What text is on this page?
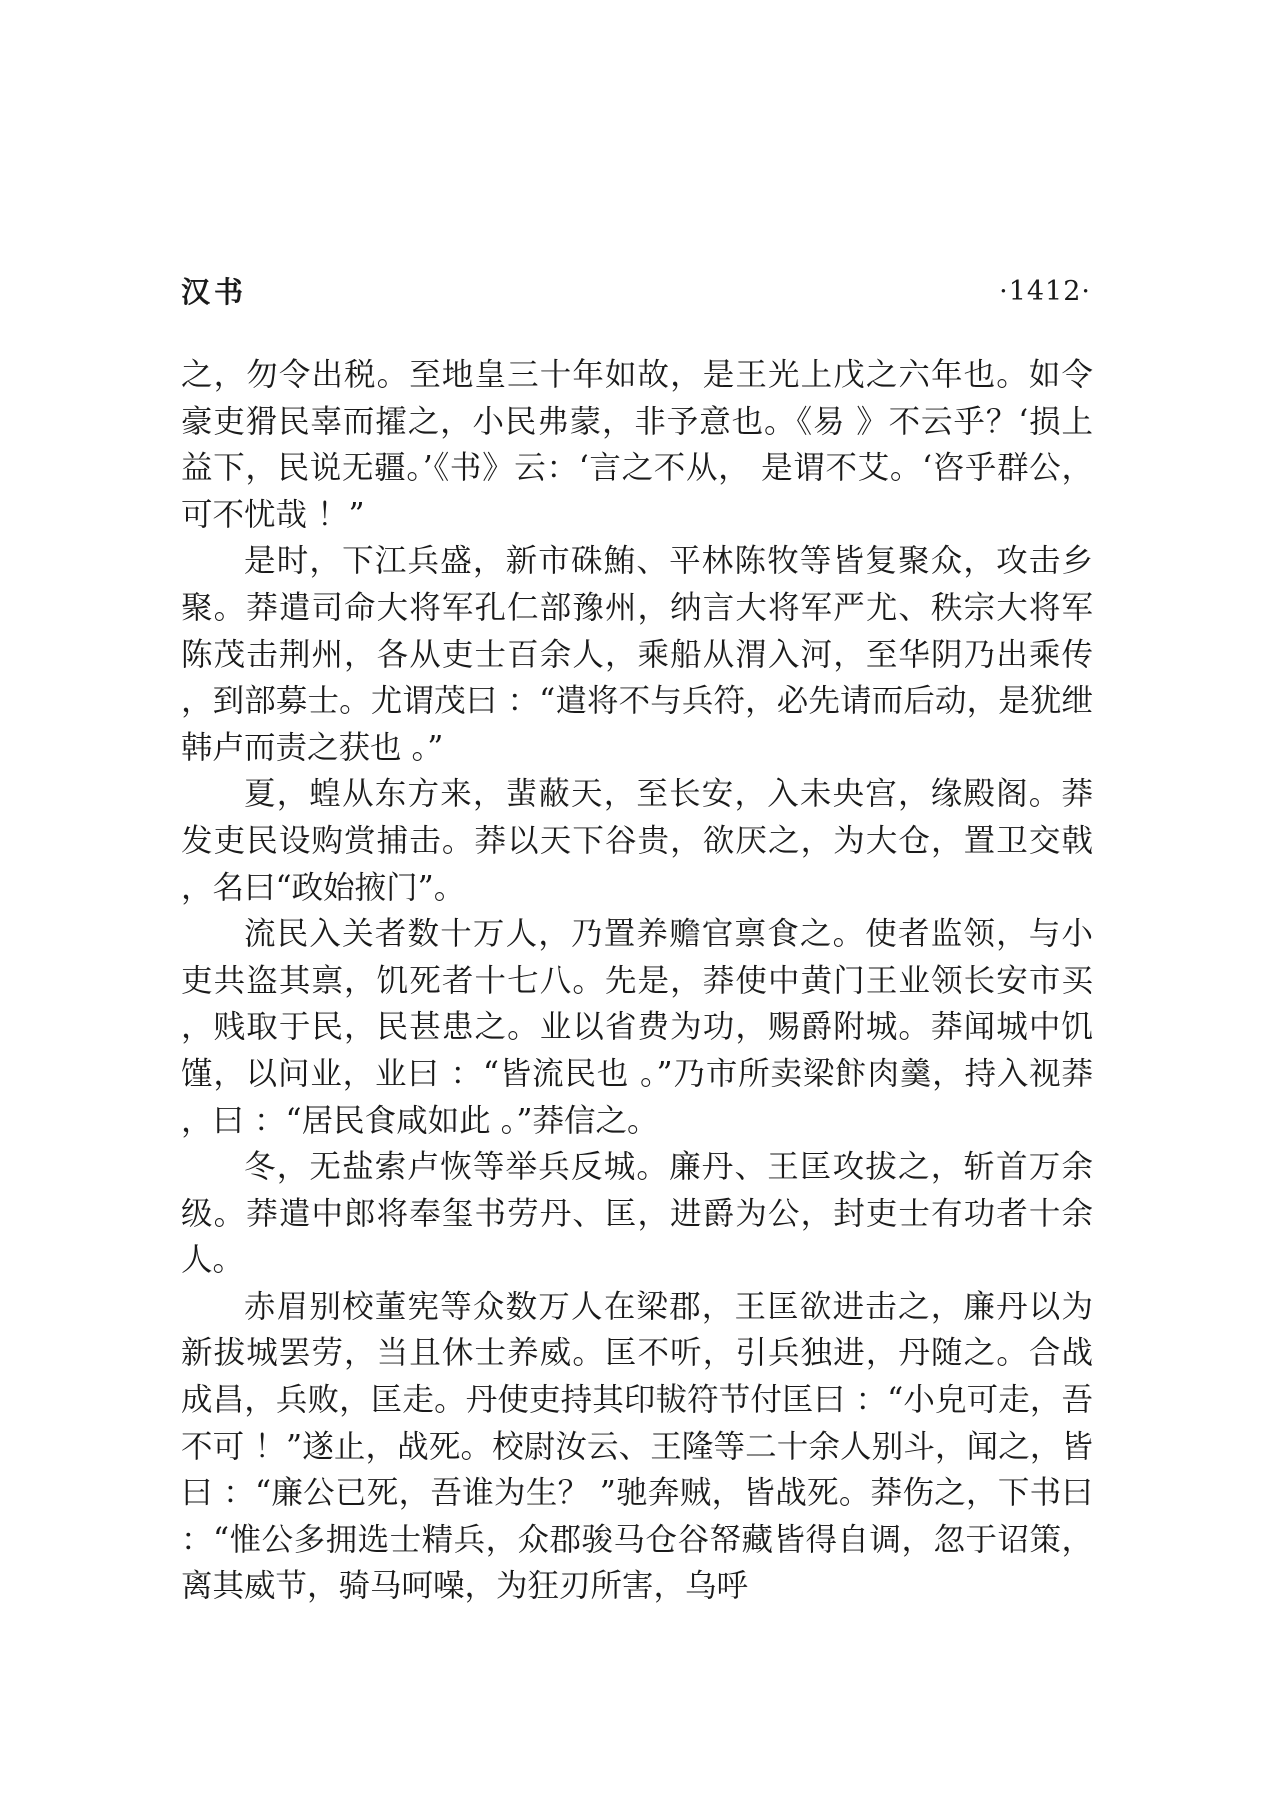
汉书	·1412·

之，勿令出税。至地皇三十年如故，是王光上戊之六年也。如令豪吏猾民辜而攉之，小民弗蒙，非予意也。《易 》不云乎？‘损上益下，民说无疆。’《书》云：‘言之不从， 是谓不艾。‘咨乎群公，可不忧哉 ！”

是时，下江兵盛，新市硃鮪、平林陈牧等皆复聚众，攻击乡聚。莽遣司命大将军孔仁部豫州，纳言大将军严尤、秩宗大将军陈茂击荆州，各从吏士百余人，乘船从渭入河，至华阴乃出乘传，到部募士。尤谓茂曰 ：“遣将不与兵符，必先请而后动，是犹绁韩卢而责之获也 。”

夏，蝗从东方来，蜚蔽天，至长安，入未央宫，缘殿阁。莽发吏民设购赏捕击。莽以天下谷贵，欲厌之，为大仓，置卫交戟，名曰“政始掖门”。

流民入关者数十万人，乃置养赡官禀食之。使者监领，与小吏共盗其禀，饥死者十七八。先是，莽使中黄门王业领长安市买，贱取于民，民甚患之。业以省费为功，赐爵附城。莽闻城中饥馑，以问业，业曰 ：“皆流民也 。”乃市所卖梁飰肉羹，持入视莽，曰 ：“居民食咸如此 。”莽信之。

冬，无盐索卢恢等举兵反城。廉丹、王匡攻拔之，斩首万余级。莽遣中郎将奉玺书劳丹、匡，进爵为公，封吏士有功者十余人。

赤眉别校董宪等众数万人在梁郡，王匡欲进击之，廉丹以为新拔城罢劳，当且休士养威。匡不听，引兵独进，丹随之。合战成昌，兵败，匡走。丹使吏持其印韨符节付匡曰 ：“小皃可走，吾不可 ！”遂止，战死。校尉汝云、王隆等二十余人别斗，闻之，皆曰 ：“廉公已死，吾谁为生？ ”驰奔贼，皆战死。莽伤之，下书曰 ：“惟公多拥选士精兵，众郡骏马仓谷帑藏皆得自调，忽于诏策，离其威节，骑马呵噪，为狂刃所害，乌呼
